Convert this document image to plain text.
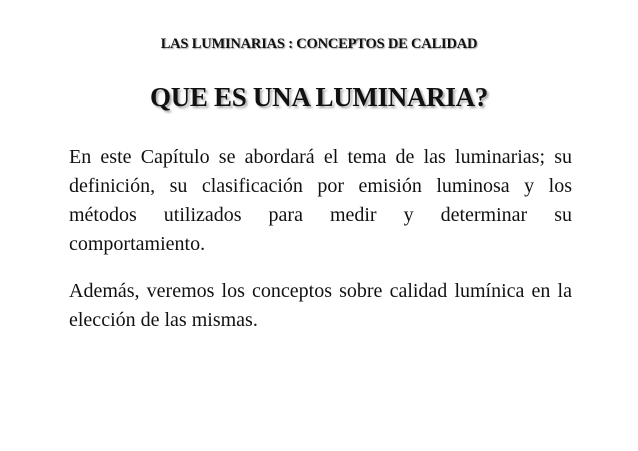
LAS LUMINARIAS : CONCEPTOS DE CALIDAD
QUE ES UNA LUMINARIA?

En este Capítulo se abordará el tema de las luminarias; su definición, su clasificación por emisión luminosa y los métodos utilizados para medir y determinar su comportamiento.

Además, veremos los conceptos sobre calidad lumínica en la elección de las mismas.
